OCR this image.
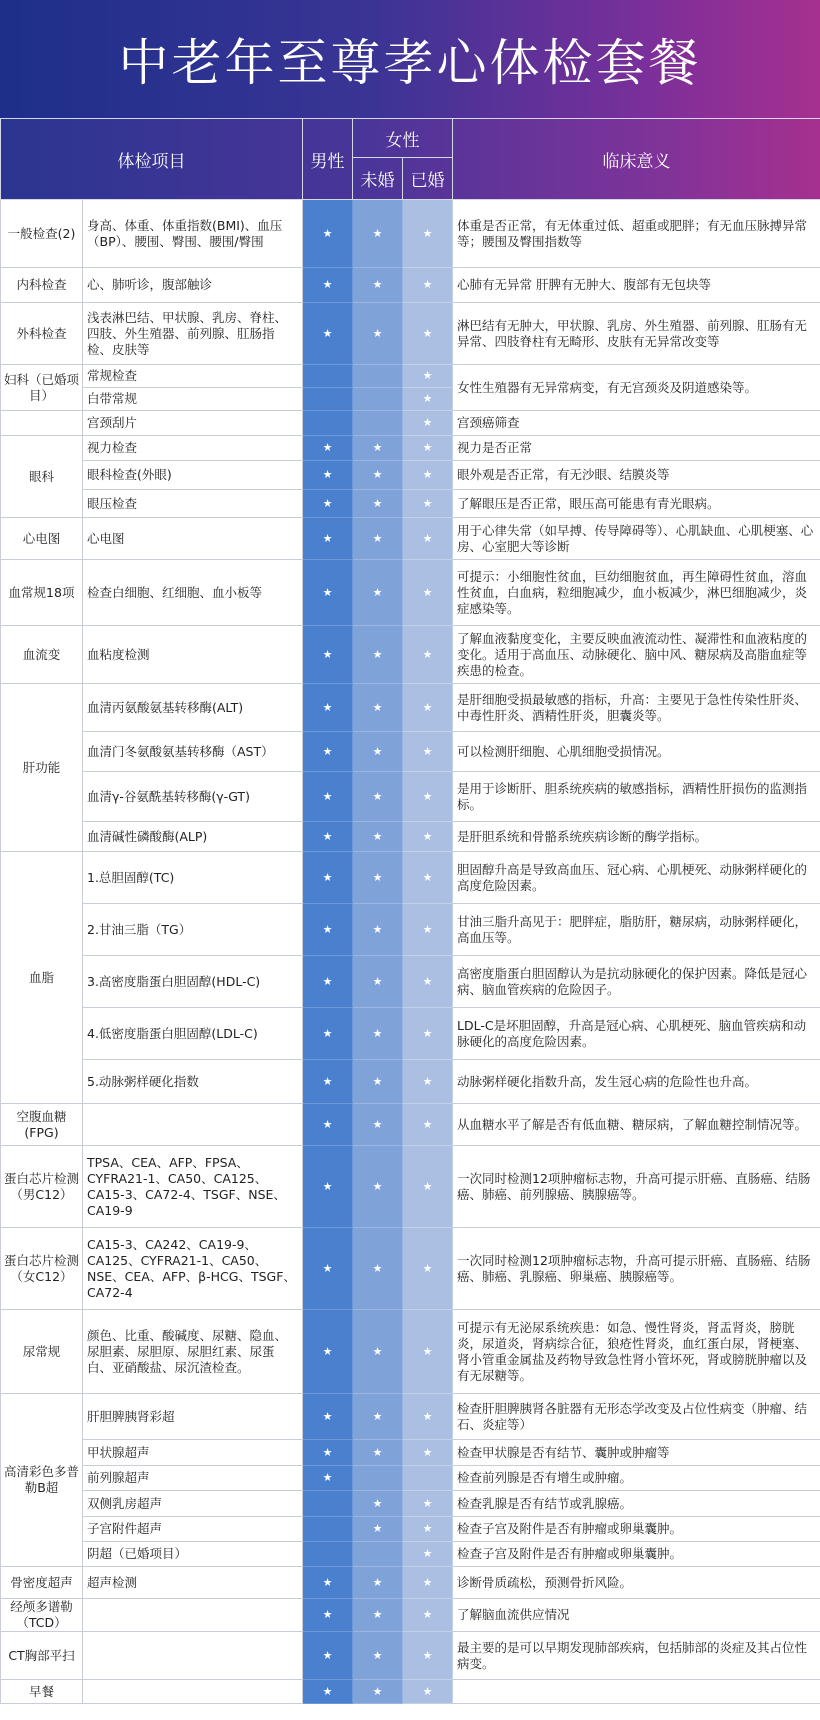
中老年至尊孝心体检套餐
体检项目		男性	女性		临床意义
			未婚	已婚	
一般检查(2)	身高、体重、体重指数(BMI)、血压（BP）、腰围、臀围、腰围/臀围	★	★	★	体重是否正常，有无体重过低、超重或肥胖；有无血压脉搏异常等；腰围及臀围指数等
内科检查	心、肺听诊，腹部触诊	★	★	★	心肺有无异常 肝脾有无肿大、腹部有无包块等
外科检查	浅表淋巴结、甲状腺、乳房、脊柱、四肢、外生殖器、前列腺、肛肠指检、皮肤等	★	★	★	淋巴结有无肿大，甲状腺、乳房、外生殖器、前列腺、肛肠有无异常、四肢脊柱有无畸形、皮肤有无异常改变等
妇科（已婚项目）	常规检查			★	女性生殖器有无异常病变，有无宫颈炎及阴道感染等。
	白带常规			★	
	宫颈刮片			★	宫颈癌筛查
眼科	视力检查	★	★	★	视力是否正常
	眼科检查(外眼)	★	★	★	眼外观是否正常，有无沙眼、结膜炎等
	眼压检查	★	★	★	了解眼压是否正常，眼压高可能患有青光眼病。
心电图	心电图	★	★	★	用于心律失常（如早搏、传导障碍等）、心肌缺血、心肌梗塞、心房、心室肥大等诊断
血常规18项	检查白细胞、红细胞、血小板等	★	★	★	可提示：小细胞性贫血，巨幼细胞贫血，再生障碍性贫血，溶血性贫血，白血病，粒细胞减少，血小板减少，淋巴细胞减少，炎症感染等。
血流变	血粘度检测	★	★	★	了解血液黏度变化，主要反映血液流动性、凝滞性和血液粘度的变化。适用于高血压、动脉硬化、脑中风、糖尿病及高脂血症等疾患的检查。
肝功能	血清丙氨酸氨基转移酶(ALT)	★	★	★	是肝细胞受损最敏感的指标，升高：主要见于急性传染性肝炎、中毒性肝炎、酒精性肝炎，胆囊炎等。
	血清门冬氨酸氨基转移酶（AST）	★	★	★	可以检测肝细胞、心肌细胞受损情况。
	血清γ-谷氨酰基转移酶(γ-GT)	★	★	★	是用于诊断肝、胆系统疾病的敏感指标，酒精性肝损伤的监测指标。
	血清碱性磷酸酶(ALP)	★	★	★	是肝胆系统和骨骼系统疾病诊断的酶学指标。
血脂	1.总胆固醇(TC)	★	★	★	胆固醇升高是导致高血压、冠心病、心肌梗死、动脉粥样硬化的高度危险因素。
	2.甘油三脂（TG）	★	★	★	甘油三脂升高见于：肥胖症，脂肪肝，糖尿病，动脉粥样硬化，高血压等。
	3.高密度脂蛋白胆固醇(HDL-C)	★	★	★	高密度脂蛋白胆固醇认为是抗动脉硬化的保护因素。降低是冠心病、脑血管疾病的危险因子。
	4.低密度脂蛋白胆固醇(LDL-C)	★	★	★	LDL-C是坏胆固醇，升高是冠心病、心肌梗死、脑血管疾病和动脉硬化的高度危险因素。
	5.动脉粥样硬化指数	★	★	★	动脉粥样硬化指数升高，发生冠心病的危险性也升高。
空腹血糖(FPG)		★	★	★	从血糖水平了解是否有低血糖、糖尿病，了解血糖控制情况等。
蛋白芯片检测（男C12）	TPSA、CEA、AFP、FPSA、CYFRA21-1、CA50、CA125、CA15-3、CA72-4、TSGF、NSE、CA19-9	★	★	★	一次同时检测12项肿瘤标志物，升高可提示肝癌、直肠癌、结肠癌、肺癌、前列腺癌、胰腺癌等。
蛋白芯片检测（女C12）	CA15-3、CA242、CA19-9、CA125、CYFRA21-1、CA50、NSE、CEA、AFP、β-HCG、TSGF、CA72-4	★	★	★	一次同时检测12项肿瘤标志物，升高可提示肝癌、直肠癌、结肠癌、肺癌、乳腺癌、卵巢癌、胰腺癌等。
尿常规	颜色、比重、酸碱度、尿糖、隐血、尿胆素、尿胆原、尿胆红素、尿蛋白、亚硝酸盐、尿沉渣检查。	★	★	★	可提示有无泌尿系统疾患：如急、慢性肾炎，肾盂肾炎，膀胱炎，尿道炎，肾病综合征，狼疮性肾炎，血红蛋白尿，肾梗塞、肾小管重金属盐及药物导致急性肾小管坏死，肾或膀胱肿瘤以及有无尿糖等。
高清彩色多普勒B超	肝胆脾胰肾彩超	★	★	★	检查肝胆脾胰肾各脏器有无形态学改变及占位性病变（肿瘤、结石、炎症等）
	甲状腺超声	★	★	★	检查甲状腺是否有结节、囊肿或肿瘤等
	前列腺超声	★			检查前列腺是否有增生或肿瘤。
	双侧乳房超声		★	★	检查乳腺是否有结节或乳腺癌。
	子宫附件超声		★	★	检查子宫及附件是否有肿瘤或卵巢囊肿。
	阴超（已婚项目）			★	检查子宫及附件是否有肿瘤或卵巢囊肿。
骨密度超声	超声检测	★	★	★	诊断骨质疏松，预测骨折风险。
经颅多谱勒（TCD）		★	★	★	了解脑血流供应情况
CT胸部平扫		★	★	★	最主要的是可以早期发现肺部疾病，包括肺部的炎症及其占位性病变。
早餐		★	★	★	
